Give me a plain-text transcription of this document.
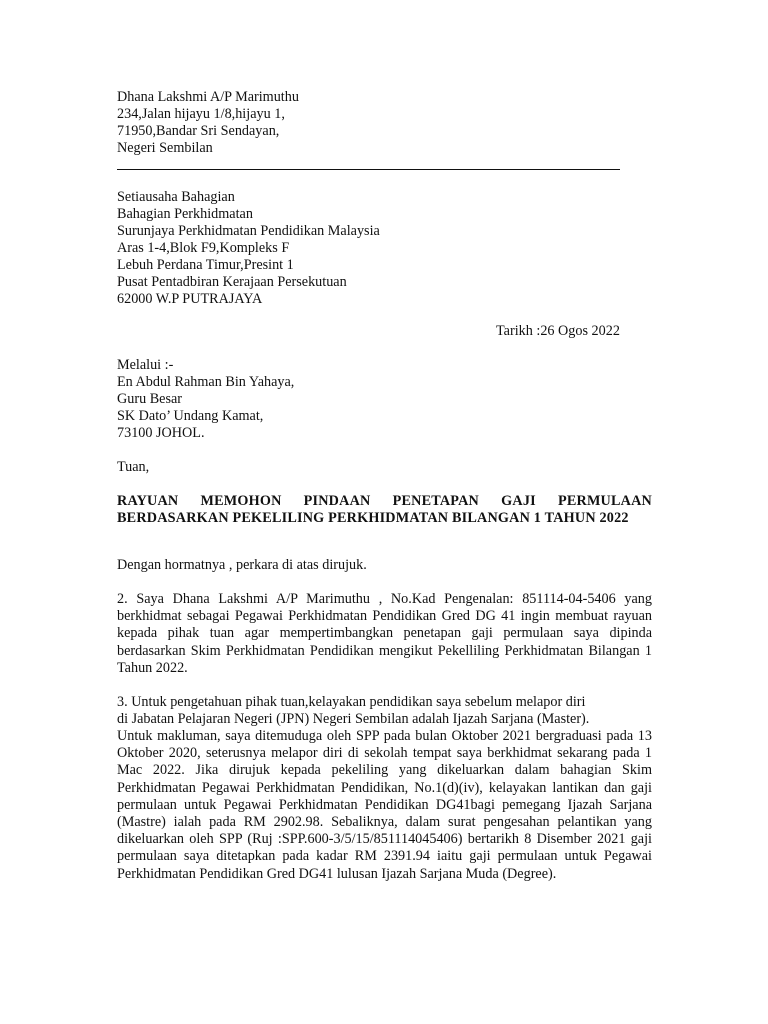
Dhana Lakshmi A/P Marimuthu
234,Jalan hijayu 1/8,hijayu 1,
71950,Bandar Sri Sendayan,
Negeri Sembilan
Setiausaha Bahagian
Bahagian Perkhidmatan
Surunjaya Perkhidmatan Pendidikan Malaysia
Aras 1-4,Blok F9,Kompleks F
Lebuh Perdana Timur,Presint 1
Pusat Pentadbiran Kerajaan Persekutuan
62000 W.P PUTRAJAYA
Tarikh :26 Ogos 2022
Melalui :-
En Abdul Rahman Bin Yahaya,
Guru Besar
SK Dato’ Undang Kamat,
73100 JOHOL.
Tuan,
RAYUAN MEMOHON PINDAAN PENETAPAN GAJI PERMULAAN BERDASARKAN PEKELILING PERKHIDMATAN BILANGAN 1 TAHUN 2022
Dengan hormatnya , perkara di atas dirujuk.

2. Saya Dhana Lakshmi A/P Marimuthu , No.Kad Pengenalan: 851114-04-5406 yang berkhidmat sebagai Pegawai Perkhidmatan Pendidikan Gred DG 41 ingin membuat rayuan kepada pihak tuan agar mempertimbangkan penetapan gaji permulaan saya dipinda berdasarkan Skim Perkhidmatan Pendidikan mengikut Pekelliling Perkhidmatan Bilangan 1 Tahun 2022.

3. Untuk pengetahuan pihak tuan,kelayakan pendidikan saya sebelum melapor diri
di Jabatan Pelajaran Negeri (JPN) Negeri Sembilan adalah Ijazah Sarjana (Master).

Untuk makluman, saya ditemuduga oleh SPP pada bulan Oktober 2021 bergraduasi pada 13 Oktober 2020, seterusnya melapor diri di sekolah tempat saya berkhidmat sekarang pada 1 Mac 2022. Jika dirujuk kepada pekeliling yang dikeluarkan dalam bahagian Skim Perkhidmatan Pegawai Perkhidmatan Pendidikan, No.1(d)(iv), kelayakan lantikan dan gaji permulaan untuk Pegawai Perkhidmatan Pendidikan DG41bagi pemegang Ijazah Sarjana (Mastre) ialah pada RM 2902.98. Sebaliknya, dalam surat pengesahan pelantikan yang dikeluarkan oleh SPP (Ruj :SPP.600-3/5/15/851114045406) bertarikh 8 Disember 2021 gaji permulaan saya ditetapkan pada kadar RM 2391.94 iaitu gaji permulaan untuk Pegawai Perkhidmatan Pendidikan Gred DG41 lulusan Ijazah Sarjana Muda (Degree).
